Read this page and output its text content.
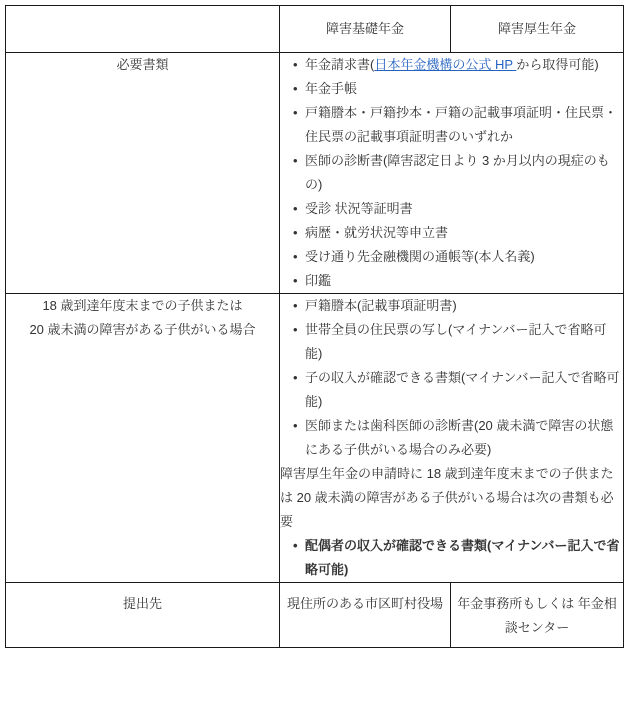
	障害基礎年金	障害厚生年金
必要書類	
•年金請求書(日本年金機構の公式 HP から取得可能)
• 年金手帳
• 戸籍謄本・戸籍抄本・戸籍の記載事項証明・住民票・住民票の記載事項証明書のいずれか
• 医師の診断書(障害認定日より 3 か月以内の現症のもの)
• 受診 状況等証明書
• 病歴・就労状況等申立書
• 受け通り先金融機関の通帳等(本人名義)
• 印鑑

18 歳到達年度末までの子供または
20 歳未満の障害がある子供がいる場合

• 戸籍謄本(記載事項証明書)
• 世帯全員の住民票の写し(マイナンバー記入で省略可能)
• 子の収入が確認できる書類(マイナンバー記入で省略可能)
• 医師または歯科医師の診断書(20 歳未満で障害の状態にある子供がいる場合のみ必要)

障害厚生年金の申請時に 18 歳到達年度末までの子供または 20 歳未満の障害がある子供がいる場合は次の書類も必要

• 配偶者の収入が確認できる書類(マイナンバー記入で省略可能)

提出先	現住所のある市区町村役場	年金事務所もしくは 年金相談センター
